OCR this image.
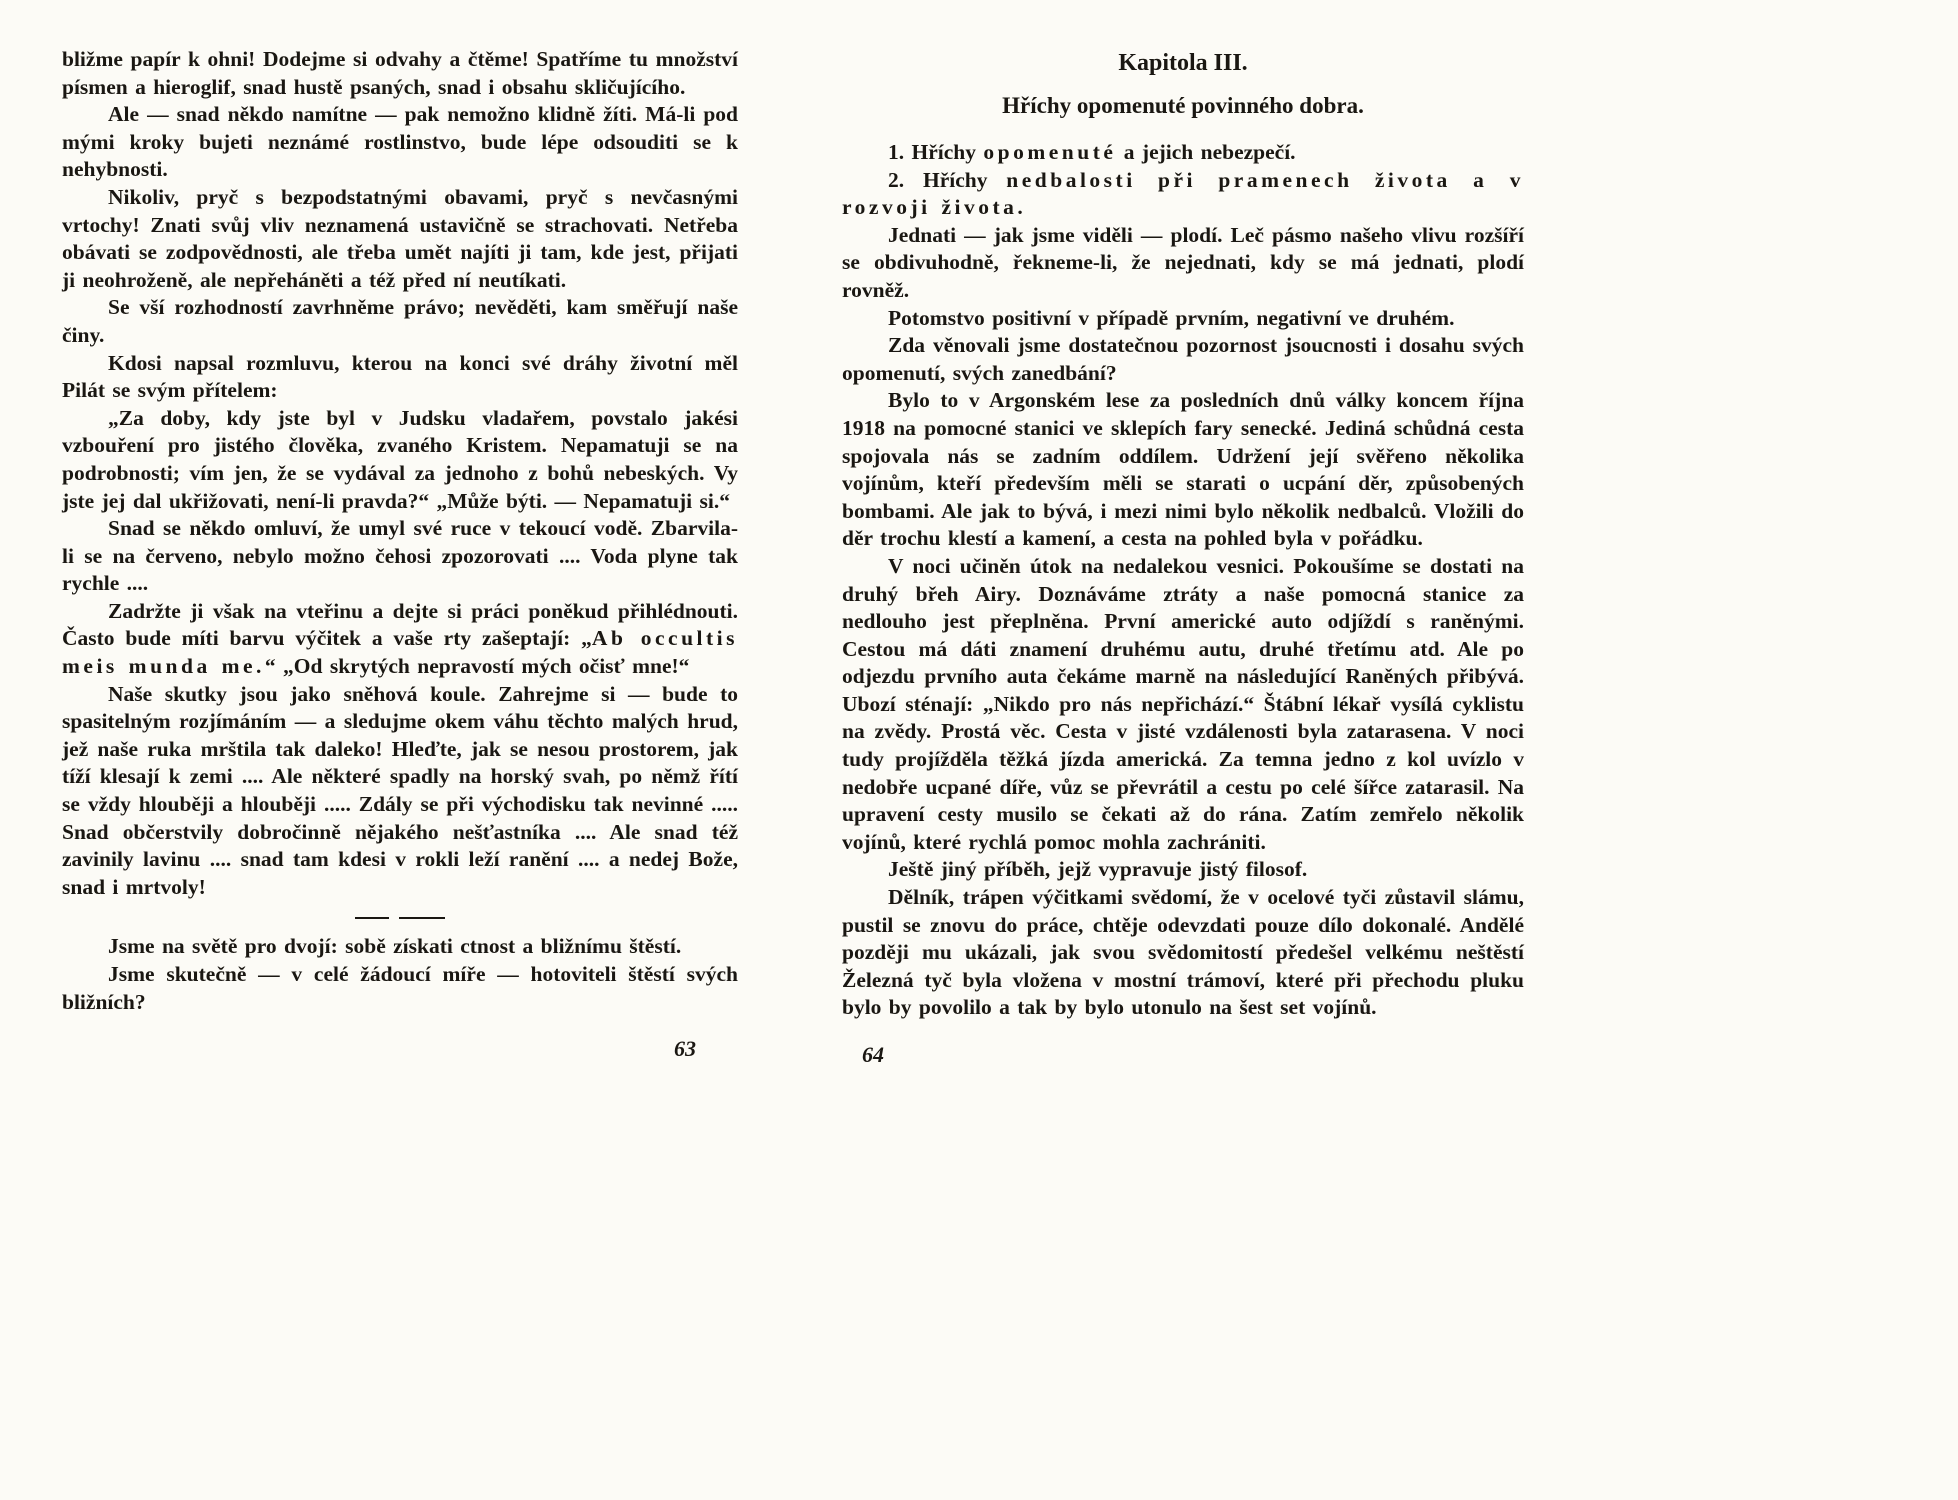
bližme papír k ohni! Dodejme si odvahy a čtěme! Spatříme tu množství písmen a hieroglif, snad hustě psaných, snad i obsahu skličujícího.

Ale — snad někdo namítne — pak nemožno klidně žíti. Má-li pod mými kroky bujeti neznámé rostlinstvo, bude lépe odsouditi se k nehybnosti.

Nikoliv, pryč s bezpodstatnými obavami, pryč s nevčasnými vrtochy! Znati svůj vliv neznamená ustavičně se strachovati. Netřeba obávati se zodpovědnosti, ale třeba umět najíti ji tam, kde jest, přijati ji neohroženě, ale nepřeháněti a též před ní neutíkati.

Se vší rozhodností zavrhněme právo; nevěděti, kam směřují naše činy.

Kdosi napsal rozmluvu, kterou na konci své dráhy životní měl Pilát se svým přítelem:

„Za doby, kdy jste byl v Judsku vladařem, povstalo jakési vzbouření pro jistého člověka, zvaného Kristem. Nepamatuji se na podrobnosti; vím jen, že se vydával za jednoho z bohů nebeských. Vy jste jej dal ukřižovati, není-li pravda?“ „Může býti. — Nepamatuji si.“

Snad se někdo omluví, že umyl své ruce v tekoucí vodě. Zbarvila-li se na červeno, nebylo možno čehosi zpozorovati .... Voda plyne tak rychle ....

Zadržte ji však na vteřinu a dejte si práci poněkud přihlédnouti. Často bude míti barvu výčitek a vaše rty zašeptají: „Ab occultis meis munda me.“ „Od skrytých nepravostí mých očisť mne!“

Naše skutky jsou jako sněhová koule. Zahrejme si — bude to spasitelným rozjímáním — a sledujme okem váhu těchto malých hrud, jež naše ruka mrštila tak daleko! Hleďte, jak se nesou prostorem, jak tíží klesají k zemi .... Ale některé spadly na horský svah, po němž řítí se vždy hlouběji a hlouběji ..... Zdály se při východisku tak nevinné ..... Snad občerstvily dobročinně nějakého nešťastníka .... Ale snad též zavinily lavinu .... snad tam kdesi v rokli leží ranění .... a nedej Bože, snad i mrtvoly!

Jsme na světě pro dvojí: sobě získati ctnost a bližnímu štěstí.

Jsme skutečně — v celé žádoucí míře — hotoviteli štěstí svých bližních?

63
Kapitola III.
Hříchy opomenuté povinného dobra.

1. Hříchy opomenuté a jejich nebezpečí.

2. Hříchy nedbalosti při pramenech života a v rozvoji života.

Jednati — jak jsme viděli — plodí. Leč pásmo našeho vlivu rozšíří se obdivuhodně, řekneme-li, že nejednati, kdy se má jednati, plodí rovněž.

Potomstvo positivní v případě prvním, negativní ve druhém.

Zda věnovali jsme dostatečnou pozornost jsoucnosti i dosahu svých opomenutí, svých zanedbání?

Bylo to v Argonském lese za posledních dnů války koncem října 1918 na pomocné stanici ve sklepích fary senecké. Jediná schůdná cesta spojovala nás se zadním oddílem. Udržení její svěřeno několika vojínům, kteří především měli se starati o ucpání děr, způsobených bombami. Ale jak to bývá, i mezi nimi bylo několik nedbalců. Vložili do děr trochu klestí a kamení, a cesta na pohled byla v pořádku.

V noci učiněn útok na nedalekou vesnici. Pokoušíme se dostati na druhý břeh Airy. Doznáváme ztráty a naše pomocná stanice za nedlouho jest přeplněna. První americké auto odjíždí s raněnými. Cestou má dáti znamení druhému autu, druhé třetímu atd. Ale po odjezdu prvního auta čekáme marně na následující Raněných přibývá. Ubozí sténají: „Nikdo pro nás nepřichází.“ Štábní lékař vysílá cyklistu na zvědy. Prostá věc. Cesta v jisté vzdálenosti byla zatarasena. V noci tudy projížděla těžká jízda americká. Za temna jedno z kol uvízlo v nedobře ucpané díře, vůz se převrátil a cestu po celé šířce zatarasil. Na upravení cesty musilo se čekati až do rána. Zatím zemřelo několik vojínů, které rychlá pomoc mohla zachrániti.

Ještě jiný příběh, jejž vypravuje jistý filosof.

Dělník, trápen výčitkami svědomí, že v ocelové tyči zůstavil slámu, pustil se znovu do práce, chtěje odevzdati pouze dílo dokonalé. Andělé později mu ukázali, jak svou svědomitostí předešel velkému neštěstí Železná tyč byla vložena v mostní trámoví, které při přechodu pluku bylo by povolilo a tak by bylo utonulo na šest set vojínů.

64
